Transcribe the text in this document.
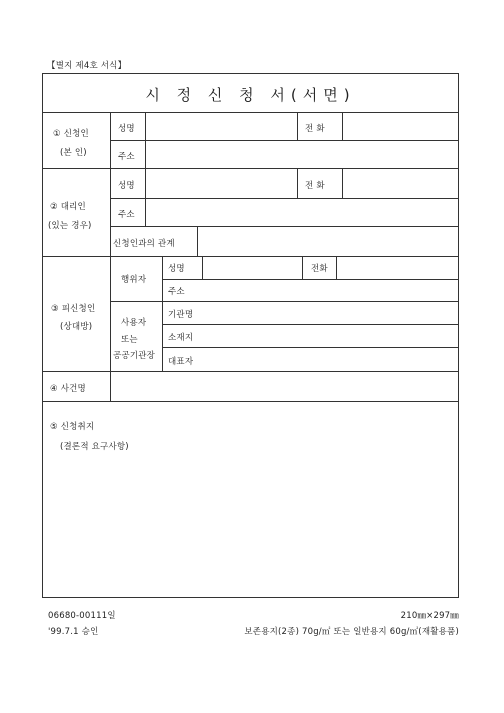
【별지 제4호 서식】
시 정 신 청 서(서면)
① 신청인
(본 인)
성명	전 화
주소
② 대리인
(있는 경우)
성명	전 화
주소
신청인과의 관계
③ 피신청인
(상대방)
행위자
성명	전화
주소
사용자
또는
공공기관장
기관명
소재지
대표자
④ 사건명
⑤ 신청취지
(결론적 요구사항)
06680-00111일
'99.7.1 승인
210㎜×297㎜
보존용지(2종) 70g/㎡ 또는 일반용지 60g/㎡(재활용품)
